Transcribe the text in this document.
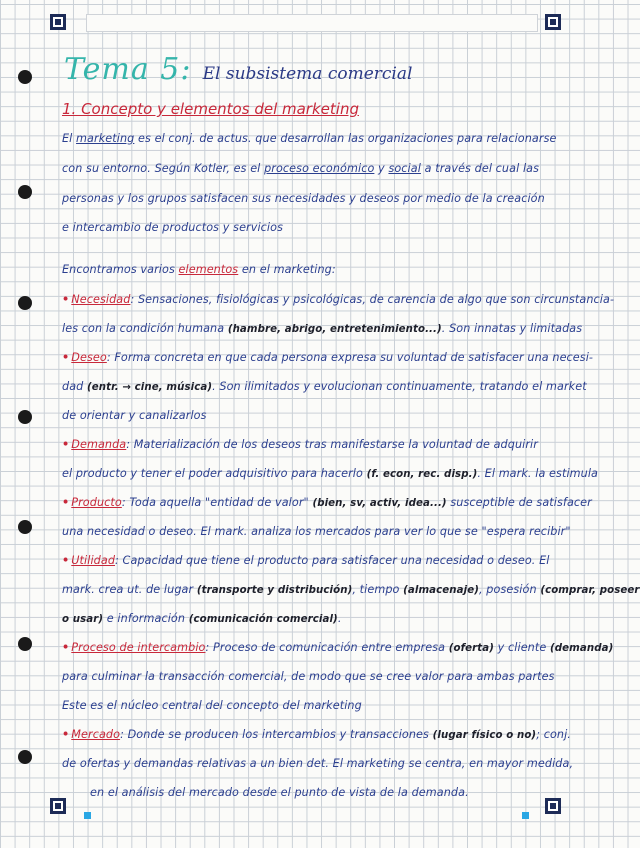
Tema 5: El subsistema comercial
1. Concepto y elementos del marketing
El marketing es el conj. de actus. que desarrollan las organizaciones para relacionarse
con su entorno. Según Kotler, es el proceso económico y social a través del cual las
personas y los grupos satisfacen sus necesidades y deseos por medio de la creación
e intercambio de productos y servicios
Encontramos varios elementos en el marketing:
• Necesidad: Sensaciones, fisiológicas y psicológicas, de carencia de algo que son circunstancia-
les con la condición humana (hambre, abrigo, entretenimiento...). Son innatas y limitadas
• Deseo: Forma concreta en que cada persona expresa su voluntad de satisfacer una necesi-
dad (entr. → cine, música). Son ilimitados y evolucionan continuamente, tratando el market
de orientar y canalizarlos
• Demanda: Materialización de los deseos tras manifestarse la voluntad de adquirir
el producto y tener el poder adquisitivo para hacerlo (f. econ, rec. disp.). El mark. la estimula
• Producto: Toda aquella "entidad de valor" (bien, sv, activ, idea...) susceptible de satisfacer
una necesidad o deseo. El mark. analiza los mercados para ver lo que se "espera recibir"
• Utilidad: Capacidad que tiene el producto para satisfacer una necesidad o deseo. El
mark. crea ut. de lugar (transporte y distribución), tiempo (almacenaje), posesión (comprar, poseer
o usar) e información (comunicación comercial).
• Proceso de intercambio: Proceso de comunicación entre empresa (oferta) y cliente (demanda)
para culminar la transacción comercial, de modo que se cree valor para ambas partes
Este es el núcleo central del concepto del marketing
• Mercado: Donde se producen los intercambios y transacciones (lugar físico o no); conj.
de ofertas y demandas relativas a un bien det. El marketing se centra, en mayor medida,
en el análisis del mercado desde el punto de vista de la demanda.
